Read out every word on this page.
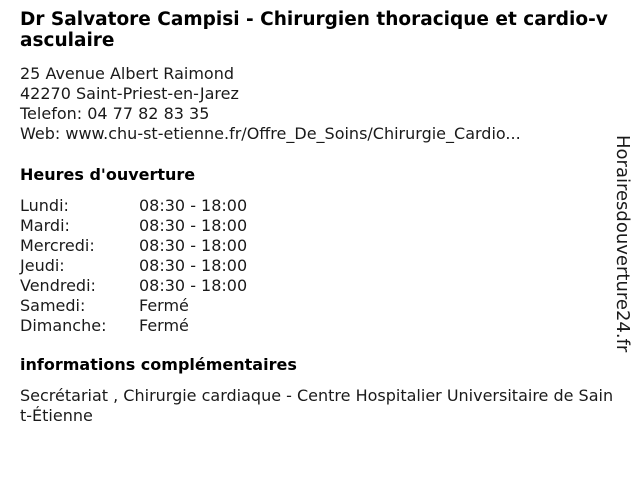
Dr Salvatore Campisi - Chirurgien thoracique et cardio-vasculaire
25 Avenue Albert Raimond
42270 Saint-Priest-en-Jarez
Telefon: 04 77 82 83 35
Web: www.chu-st-etienne.fr/Offre_De_Soins/Chirurgie_Cardio...
Heures d'ouverture
Lundi:	08:30 - 18:00
Mardi:	08:30 - 18:00
Mercredi:	08:30 - 18:00
Jeudi:	08:30 - 18:00
Vendredi:	08:30 - 18:00
Samedi:	Fermé
Dimanche:	Fermé
informations complémentaires
Secrétariat , Chirurgie cardiaque - Centre Hospitalier Universitaire de Saint-Étienne
Horairesdouverture24.fr
